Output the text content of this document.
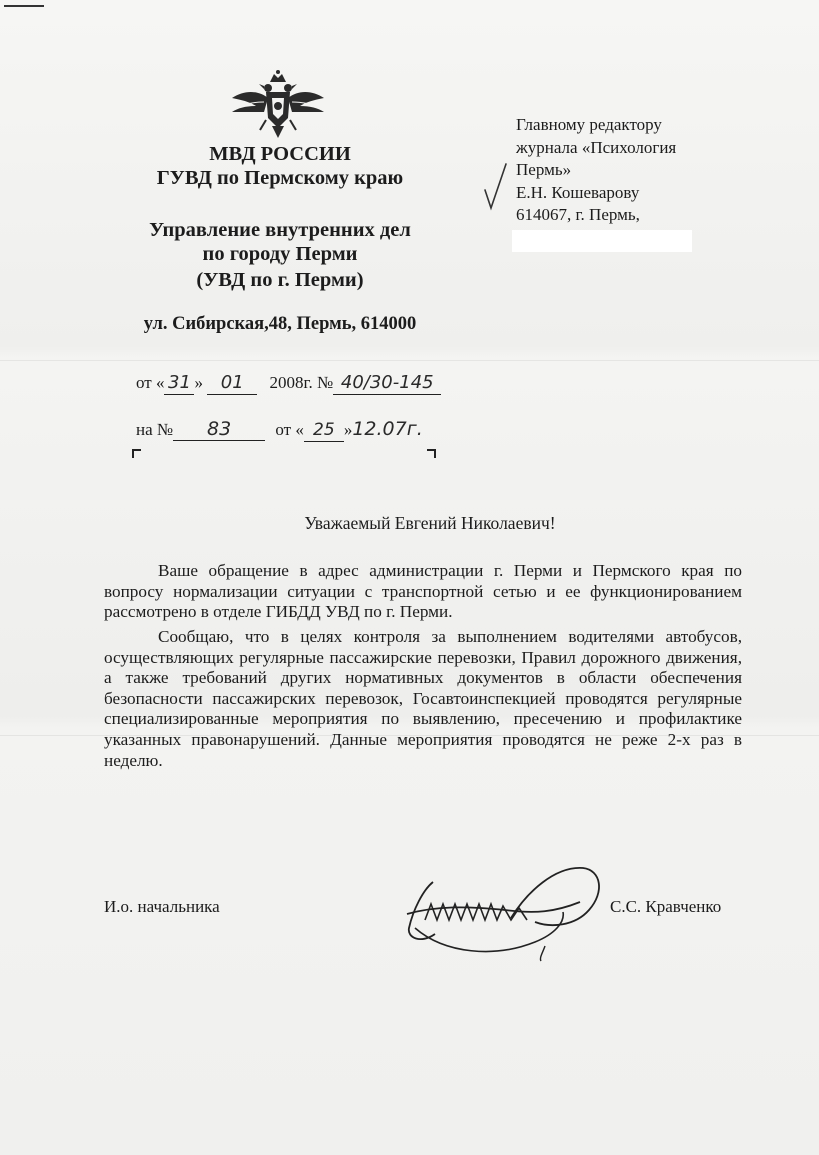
МВД РОССИИ
ГУВД по Пермскому краю
Управление внутренних дел
по городу Перми
(УВД по г. Перми)
ул. Сибирская,48, Пермь, 614000
Главному редактору
журнала «Психология
Пермь»
Е.Н. Кошеварову
614067, г. Пермь,
от « 31 » 01 2008г. № 40/30-145
на № 83	от « 25 »12.07г.
Уважаемый Евгений Николаевич!
Ваше обращение в адрес администрации г. Перми и Пермского края по вопросу нормализации ситуации с транспортной сетью и ее функционированием рассмотрено в отделе ГИБДД УВД по г. Перми.
Сообщаю, что в целях контроля за выполнением водителями автобусов, осуществляющих регулярные пассажирские перевозки, Правил дорожного движения, а также требований других нормативных документов в области обеспечения безопасности пассажирских перевозок, Госавтоинспекцией проводятся регулярные специализированные мероприятия по выявлению, пресечению и профилактике указанных правонарушений. Данные мероприятия проводятся не реже 2-х раз в неделю.
И.о. начальника	С.С. Кравченко
